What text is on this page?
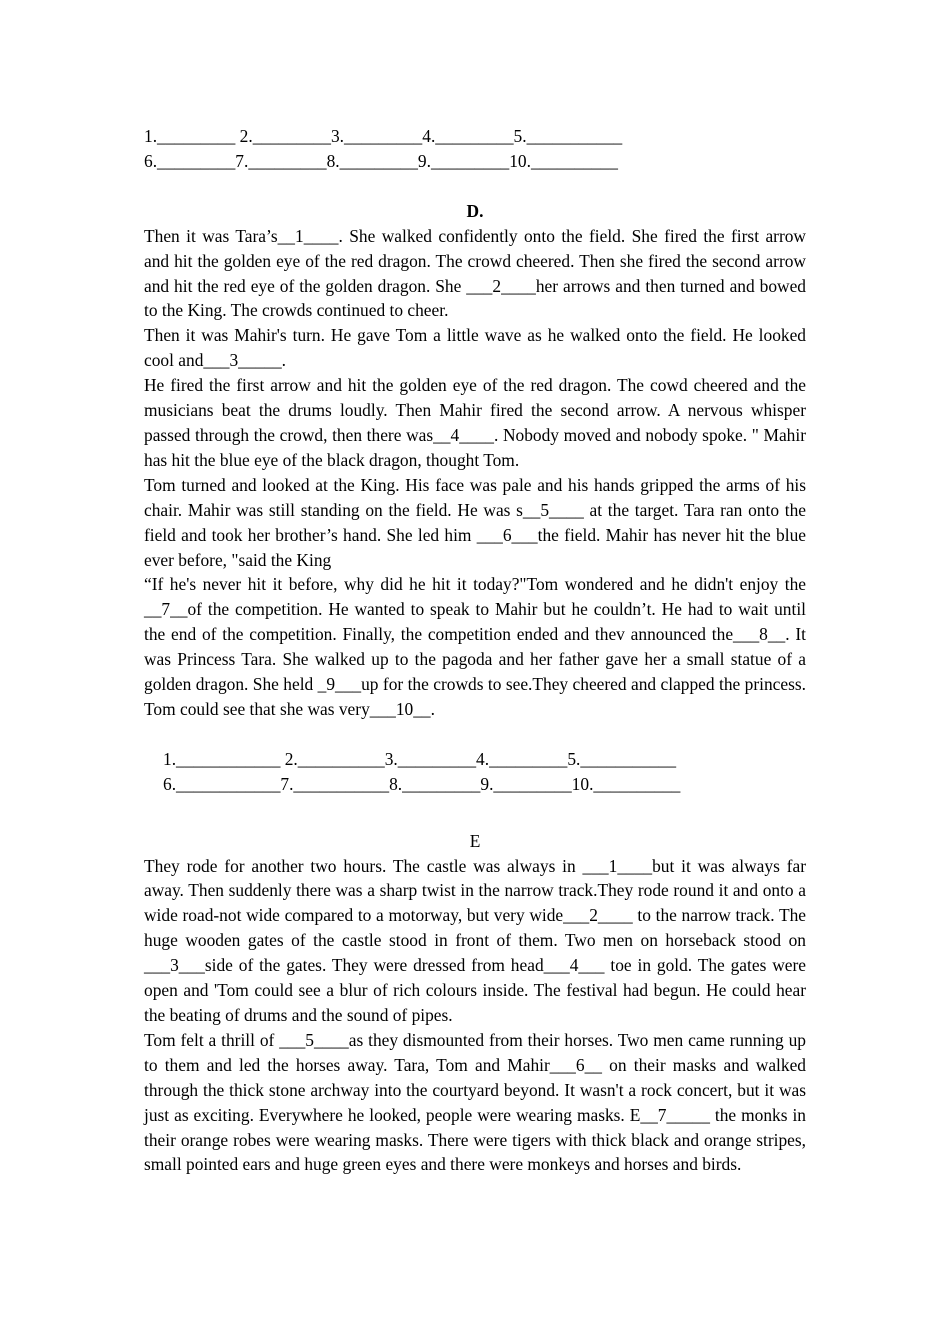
1._________ 2._________3._________4._________5.___________

6._________7._________8._________9._________10.__________

D.

Then it was Tara’s__1____. She walked confidently onto the field. She fired the first arrow and hit the golden eye of the red dragon. The crowd cheered. Then she fired the second arrow and hit the red eye of the golden dragon. She ___2____her arrows and then turned and bowed to the King. The crowds continued to cheer.

Then it was Mahir's turn. He gave Tom a little wave as he walked onto the field. He looked cool and___3_____.

He fired the first arrow and hit the golden eye of the red dragon. The cowd cheered and the musicians beat the drums loudly. Then Mahir fired the second arrow. A nervous whisper passed through the crowd, then there was__4____. Nobody moved and nobody spoke. " Mahir has hit the blue eye of the black dragon, thought Tom.

Tom turned and looked at the King. His face was pale and his hands gripped the arms of his chair. Mahir was still standing on the field. He was s__5____ at the target. Tara ran onto the field and took her brother’s hand. She led him ___6___the field. Mahir has never hit the blue ever before, "said the King

“If he's never hit it before, why did he hit it today?"Tom wondered and he didn't enjoy the __7__of the competition. He wanted to speak to Mahir but he couldn’t. He had to wait until the end of the competition. Finally, the competition ended and thev announced the___8__. It was Princess Tara. She walked up to the pagoda and her father gave her a small statue of a golden dragon. She held _9___up for the crowds to see.They cheered and clapped the princess. Tom could see that she was very___10__.

1.____________ 2.__________3._________4._________5.___________

6.____________7.___________8._________9._________10.__________

E

They rode for another two hours. The castle was always in ___1____but it was always far away. Then suddenly there was a sharp twist in the narrow track.They rode round it and onto a wide road-not wide compared to a motorway, but very wide___2____ to the narrow track. The huge wooden gates of the castle stood in front of them. Two men on horseback stood on ___3___side of the gates. They were dressed from head___4___ toe in gold. The gates were open and 'Tom could see a blur of rich colours inside. The festival had begun. He could hear the beating of drums and the sound of pipes.

Tom felt a thrill of ___5____as they dismounted from their horses. Two men came running up to them and led the horses away. Tara, Tom and Mahir___6__ on their masks and walked through the thick stone archway into the courtyard beyond. It wasn't a rock concert, but it was just as exciting. Everywhere he looked, people were wearing masks. E__7_____ the monks in their orange robes were wearing masks. There were tigers with thick black and orange stripes, small pointed ears and huge green eyes and there were monkeys and horses and birds.
